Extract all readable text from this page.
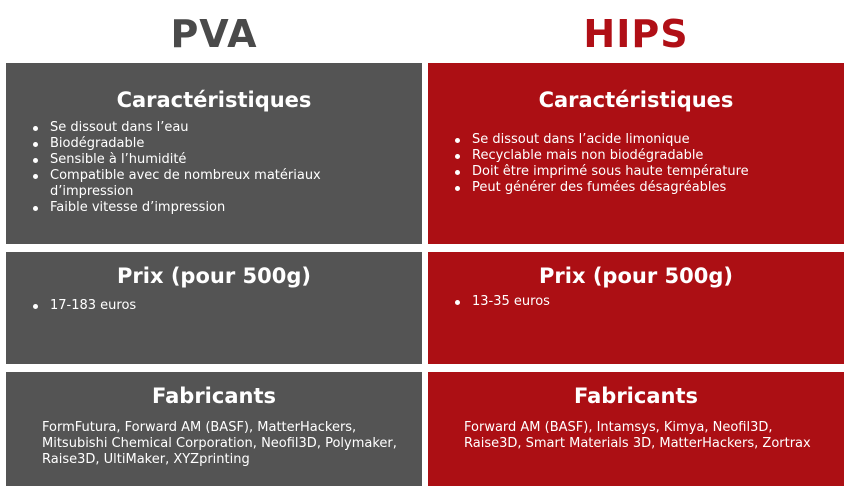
PVA	HIPS
Caractéristiques
Se dissout dans l’eau
Biodégradable
Sensible à l’humidité
Compatible avec de nombreux matériaux d’impression
Faible vitesse d’impression
Prix (pour 500g)
17-183 euros
Fabricants

FormFutura, Forward AM (BASF), MatterHackers, Mitsubishi Chemical Corporation, Neofil3D, Polymaker, Raise3D, UltiMaker, XYZprinting

Caractéristiques
Se dissout dans l’acide limonique
Recyclable mais non biodégradable
Doit être imprimé sous haute température
Peut générer des fumées désagréables
Prix (pour 500g)
13-35 euros
Fabricants

Forward AM (BASF), Intamsys, Kimya, Neofil3D, Raise3D, Smart Materials 3D, MatterHackers, Zortrax
